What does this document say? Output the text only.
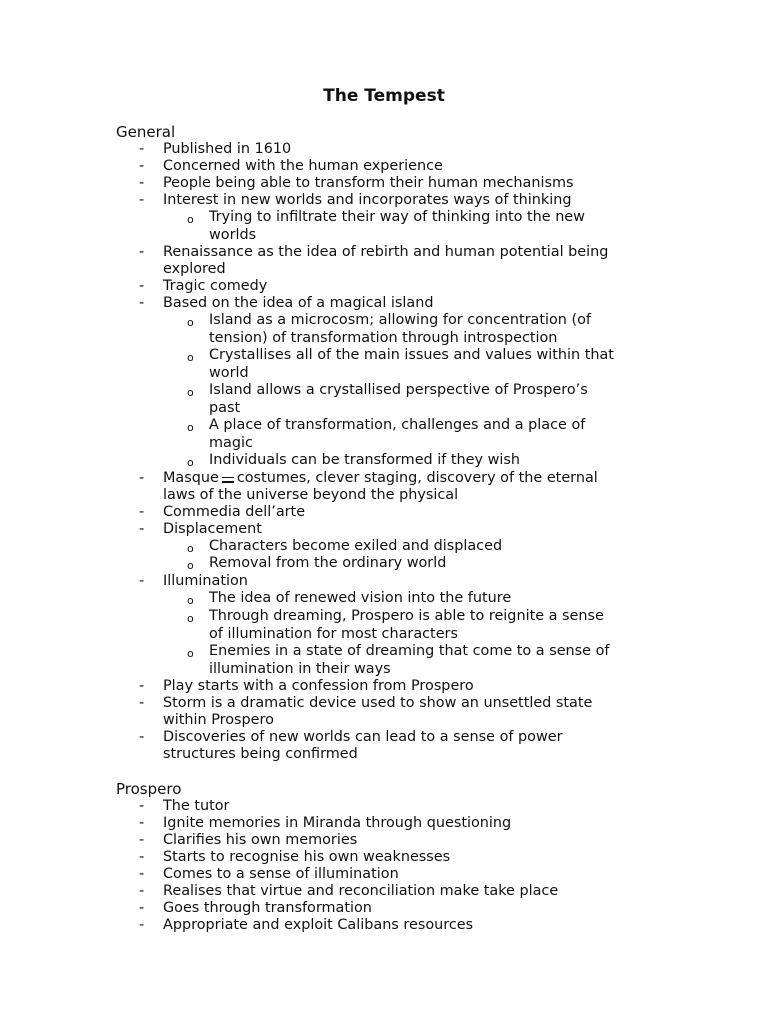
The Tempest
General
- Published in 1610
- Concerned with the human experience
- People being able to transform their human mechanisms
- Interest in new worlds and incorporates ways of thinking
o Trying to infiltrate their way of thinking into the new
worlds
- Renaissance as the idea of rebirth and human potential being
explored
- Tragic comedy
- Based on the idea of a magical island
o Island as a microcosm; allowing for concentration (of
tension) of transformation through introspection
o Crystallises all of the main issues and values within that
world
o Island allows a crystallised perspective of Prospero’s
past
o A place of transformation, challenges and a place of
magic
o Individuals can be transformed if they wish
- Masque costumes, clever staging, discovery of the eternal
laws of the universe beyond the physical
- Commedia dell’arte
- Displacement
o Characters become exiled and displaced
o Removal from the ordinary world
- Illumination
o The idea of renewed vision into the future
o Through dreaming, Prospero is able to reignite a sense
of illumination for most characters
o Enemies in a state of dreaming that come to a sense of
illumination in their ways
- Play starts with a confession from Prospero
- Storm is a dramatic device used to show an unsettled state
within Prospero
- Discoveries of new worlds can lead to a sense of power
structures being confirmed
Prospero
- The tutor
- Ignite memories in Miranda through questioning
- Clarifies his own memories
- Starts to recognise his own weaknesses
- Comes to a sense of illumination
- Realises that virtue and reconciliation make take place
- Goes through transformation
- Appropriate and exploit Calibans resources
